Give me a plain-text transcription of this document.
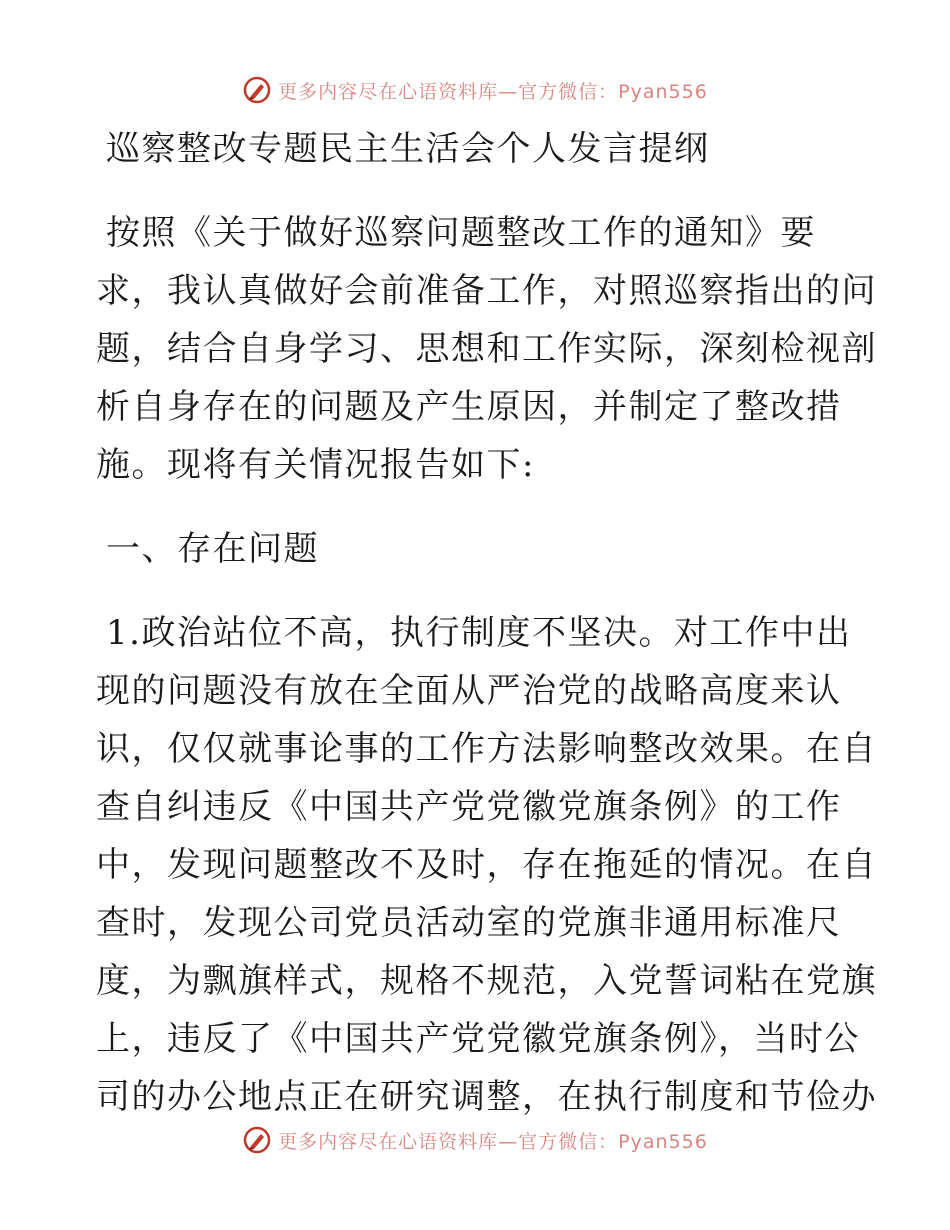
更多内容尽在心语资料库—官方微信：Pyan556
巡察整改专题民主生活会个人发言提纲

按照《关于做好巡察问题整改工作的通知》要
求，我认真做好会前准备工作，对照巡察指出的问
题，结合自身学习、思想和工作实际，深刻检视剖
析自身存在的问题及产生原因，并制定了整改措
施。现将有关情况报告如下:

一、存在问题

1.政治站位不高，执行制度不坚决。对工作中出
现的问题没有放在全面从严治党的战略高度来认
识，仅仅就事论事的工作方法影响整改效果。在自
查自纠违反《中国共产党党徽党旗条例》的工作
中，发现问题整改不及时，存在拖延的情况。在自
查时，发现公司党员活动室的党旗非通用标准尺
度，为飘旗样式，规格不规范，入党誓词粘在党旗
上，违反了《中国共产党党徽党旗条例》，当时公
司的办公地点正在研究调整，在执行制度和节俭办

更多内容尽在心语资料库—官方微信：Pyan556
